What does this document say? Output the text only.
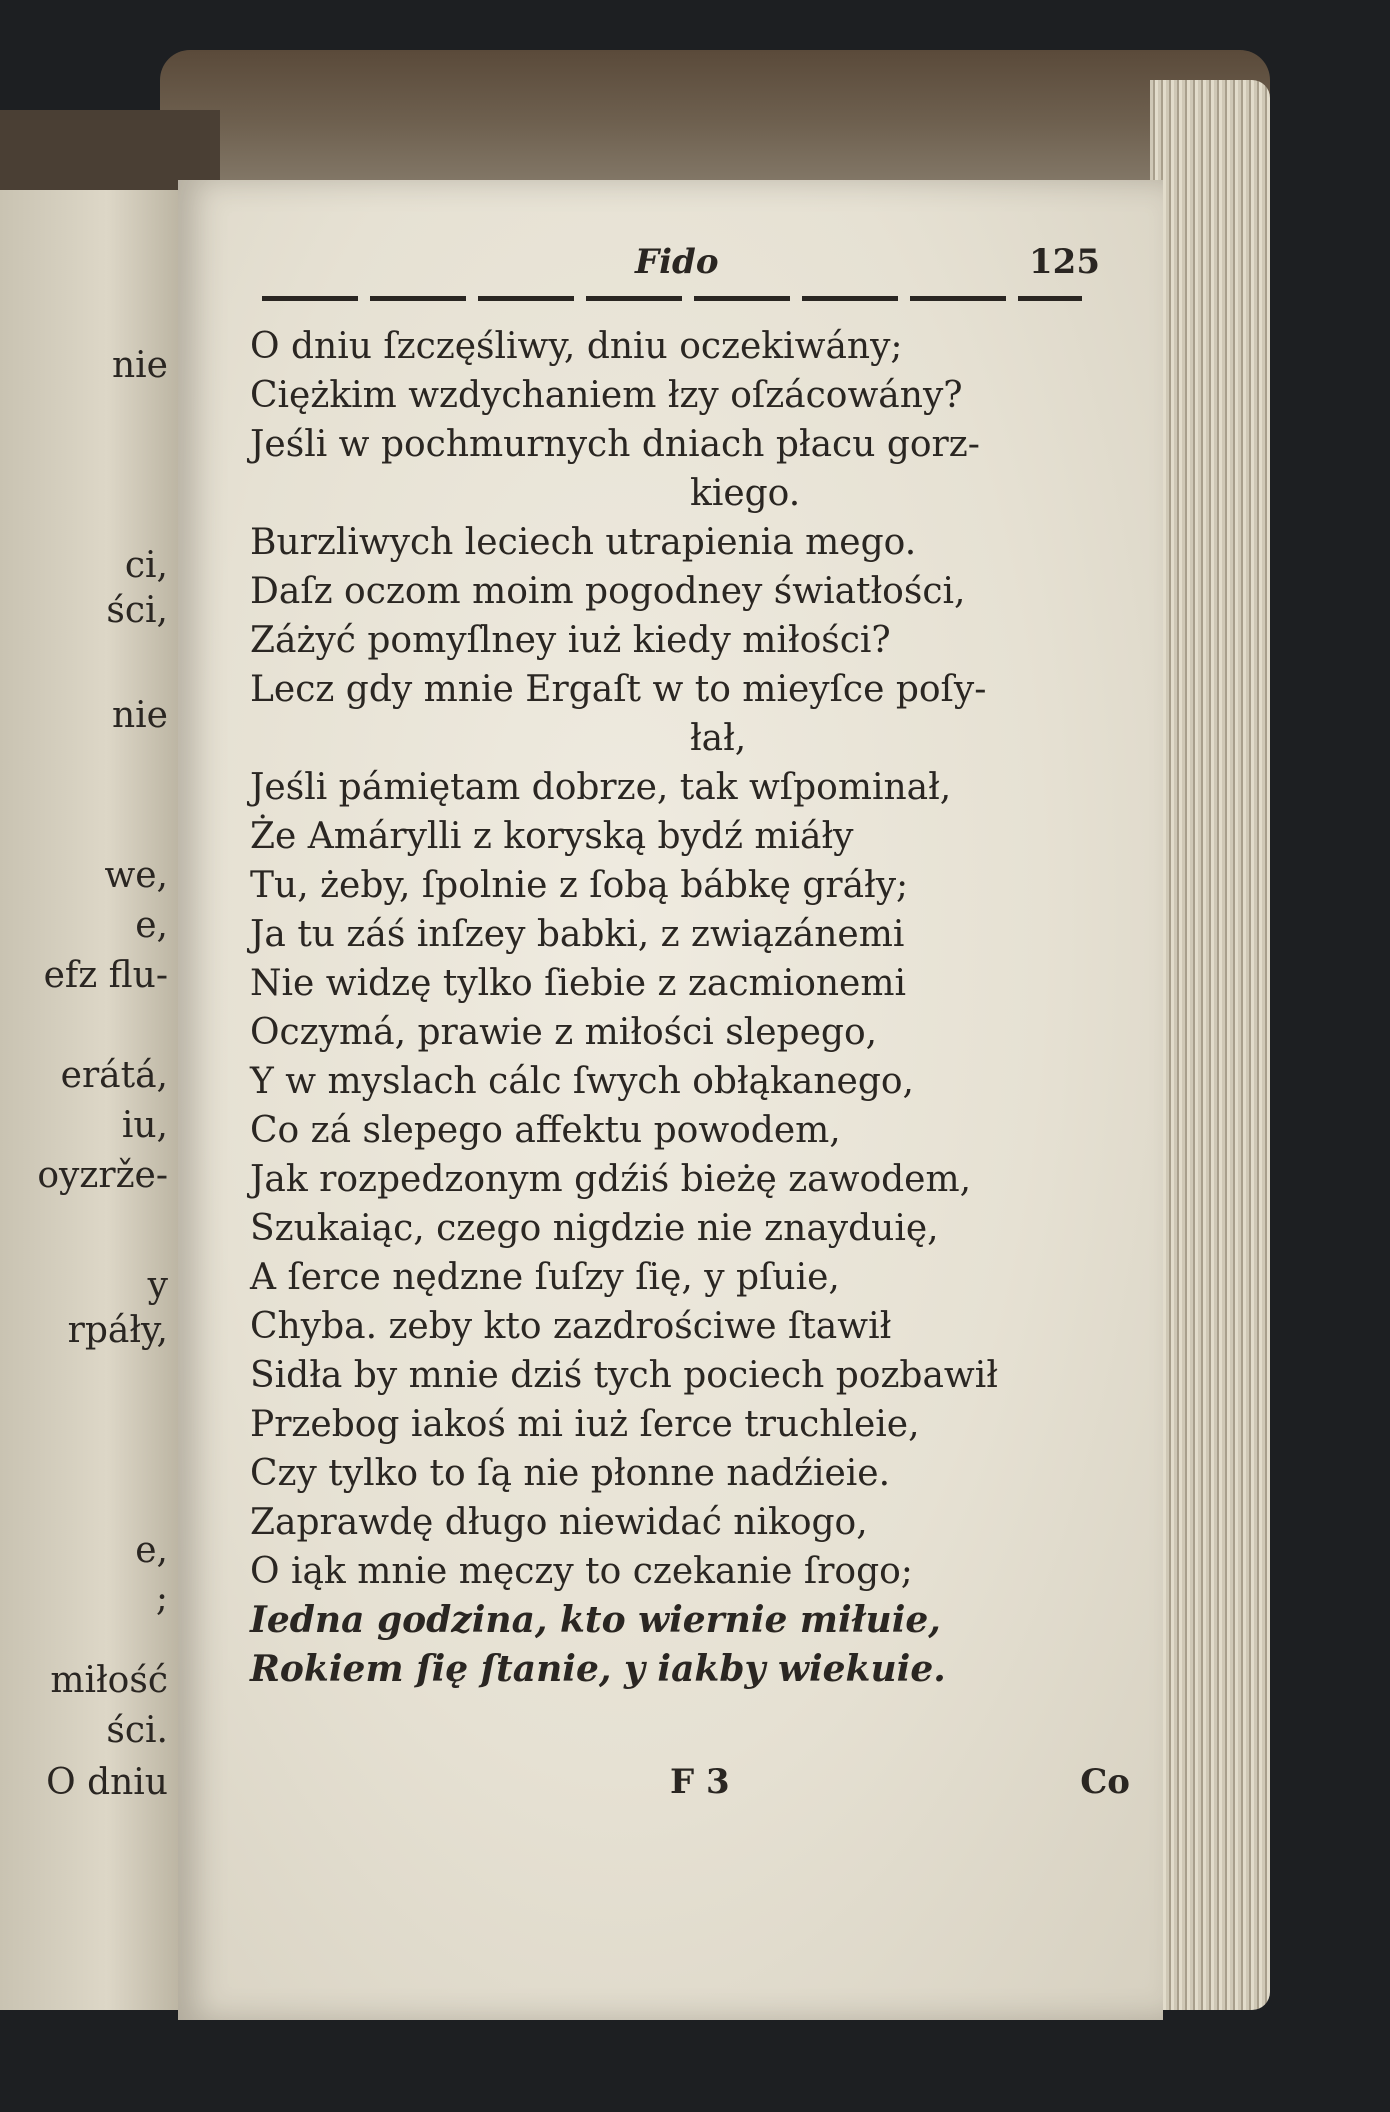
nie

ci,

ści,

nie

we,

e,

efz flu-

erátá,

iu,

oyzrže-

y

rpáły,

e,

;

miłość

ści.

O dniu

Fido	125

O dniu ſzczęśliwy, dniu oczekiwány;

Ciężkim wzdychaniem łzy oſzácowány?

Jeśli w pochmurnych dniach płacu gorz-

kiego.

Burzliwych leciech utrapienia mego.

Daſz oczom moim pogodney światłości,

Záżyć pomyſlney iuż kiedy miłości?

Lecz gdy mnie Ergaſt w to mieyſce poſy-

łał,

Jeśli pámiętam dobrze, tak wſpominał,

Że Amárylli z koryską bydź miáły

Tu, żeby, ſpolnie z ſobą bábkę gráły;

Ja tu záś inſzey babki, z związánemi

Nie widzę tylko ſiebie z zacmionemi

Oczymá, prawie z miłości slepego,

Y w myslach cálc ſwych obłąkanego,

Co zá slepego affektu powodem,

Jak rozpedzonym gdźiś bieżę zawodem,

Szukaiąc, czego nigdzie nie znayduię,

A ſerce nędzne ſuſzy ſię, y pſuie,

Chyba. zeby kto zazdrościwe ſtawił

Sidła by mnie dziś tych pociech pozbawił

Przebog iakoś mi iuż ſerce truchleie,

Czy tylko to ſą nie płonne nadźieie.

Zaprawdę długo niewidać nikogo,

O iąk mnie męczy to czekanie ſrogo;

Iedna godzina, kto wiernie miłuie,

Rokiem ſię ſtanie, y iakby wiekuie.

F 3	Co
